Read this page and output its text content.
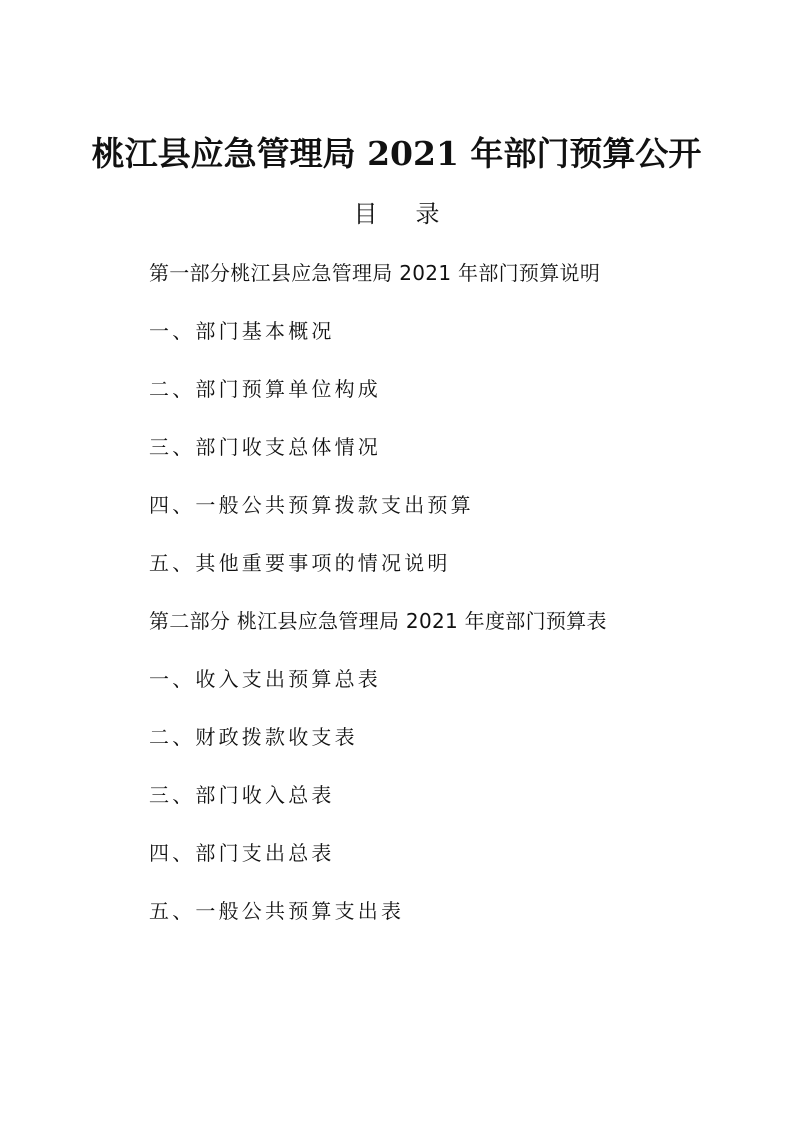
桃江县应急管理局 2021 年部门预算公开
目录
第一部分桃江县应急管理局 2021 年部门预算说明
一、部门基本概况
二、部门预算单位构成
三、部门收支总体情况
四、一般公共预算拨款支出预算
五、其他重要事项的情况说明
第二部分 桃江县应急管理局 2021 年度部门预算表
一、收入支出预算总表
二、财政拨款收支表
三、部门收入总表
四、部门支出总表
五、一般公共预算支出表
